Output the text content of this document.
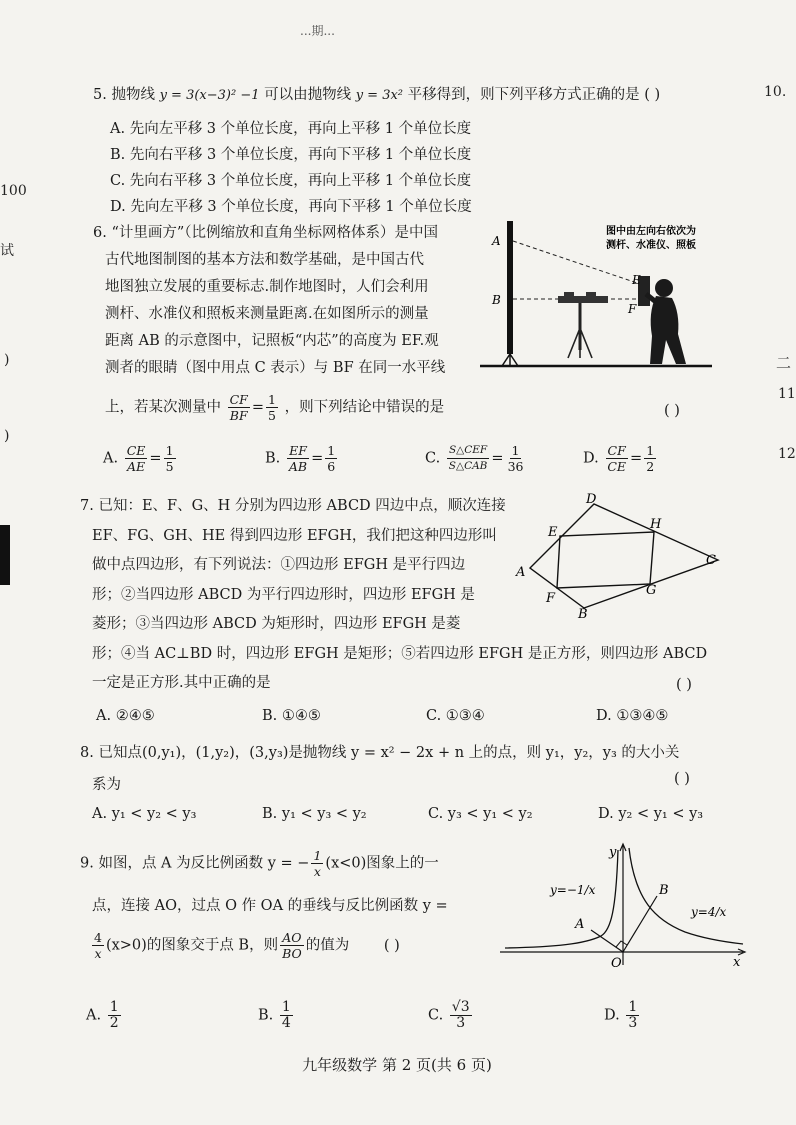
...期...
100
试
)
)
10.
二
11
12
5. 抛物线 y = 3(x−3)² −1 可以由抛物线 y = 3x² 平移得到，则下列平移方式正确的是 ( )
A. 先向左平移 3 个单位长度，再向上平移 1 个单位长度
B. 先向右平移 3 个单位长度，再向下平移 1 个单位长度
C. 先向右平移 3 个单位长度，再向上平移 1 个单位长度
D. 先向左平移 3 个单位长度，再向下平移 1 个单位长度
6. “计里画方”（比例缩放和直角坐标网格体系）是中国
古代地图制图的基本方法和数学基础，是中国古代
地图独立发展的重要标志.制作地图时，人们会利用
测杆、水准仪和照板来测量距离.在如图所示的测量
距离 AB 的示意图中，记照板“内芯”的高度为 EF.观
测者的眼睛（图中用点 C 表示）与 BF 在同一水平线
上，若某次测量中 $\frac{CF}{BF} = \frac{1}{5}$ ，则下列结论中错误的是	( )
A
B
E
F
图中由左向右依次为
测杆、水准仪、照板
A. $\frac{CE}{AE} = \frac{1}{5}$	B. $\frac{EF}{AB} = \frac{1}{6}$	C. $\frac{\text{S△CEF}}{\text{S△CAB}} = \frac{1}{36}$	D. $\frac{CF}{CE} = \frac{1}{2}$
7. 已知：E、F、G、H 分别为四边形 ABCD 四边中点，顺次连接
EF、FG、GH、HE 得到四边形 EFGH，我们把这种四边形叫
做中点四边形，有下列说法：①四边形 EFGH 是平行四边
形；②当四边形 ABCD 为平行四边形时，四边形 EFGH 是
菱形；③当四边形 ABCD 为矩形时，四边形 EFGH 是菱
形；④当 AC⊥BD 时，四边形 EFGH 是矩形；⑤若四边形 EFGH 是正方形，则四边形 ABCD
一定是正方形.其中正确的是	( )
D
E
H
A
C
F
G
B
A. ②④⑤	B. ①④⑤	C. ①③④	D. ①③④⑤
8. 已知点(0,y₁)，(1,y₂)，(3,y₃)是抛物线 y = x² − 2x + n 上的点，则 y₁，y₂，y₃ 的大小关
系为	( )
A. y₁ < y₂ < y₃	B. y₁ < y₃ < y₂	C. y₃ < y₁ < y₂	D. y₂ < y₁ < y₃
9. 如图，点 A 为反比例函数 y = − $\frac{1}{x} (x<0)$图象上的一
点，连接 AO，过点 O 作 OA 的垂线与反比例函数 y =
$\frac{4}{x} (x>0)$的图象交于点 B，则 $\frac{AO}{BO}$ 的值为 ( )
y
x
O
A
B
y=−1/x
y=4/x
A. $\frac{1}{2}$	B. $\frac{1}{4}$	C. $\frac{√3}{3}$	D. $\frac{1}{3}$
九年级数学 第 2 页(共 6 页)
